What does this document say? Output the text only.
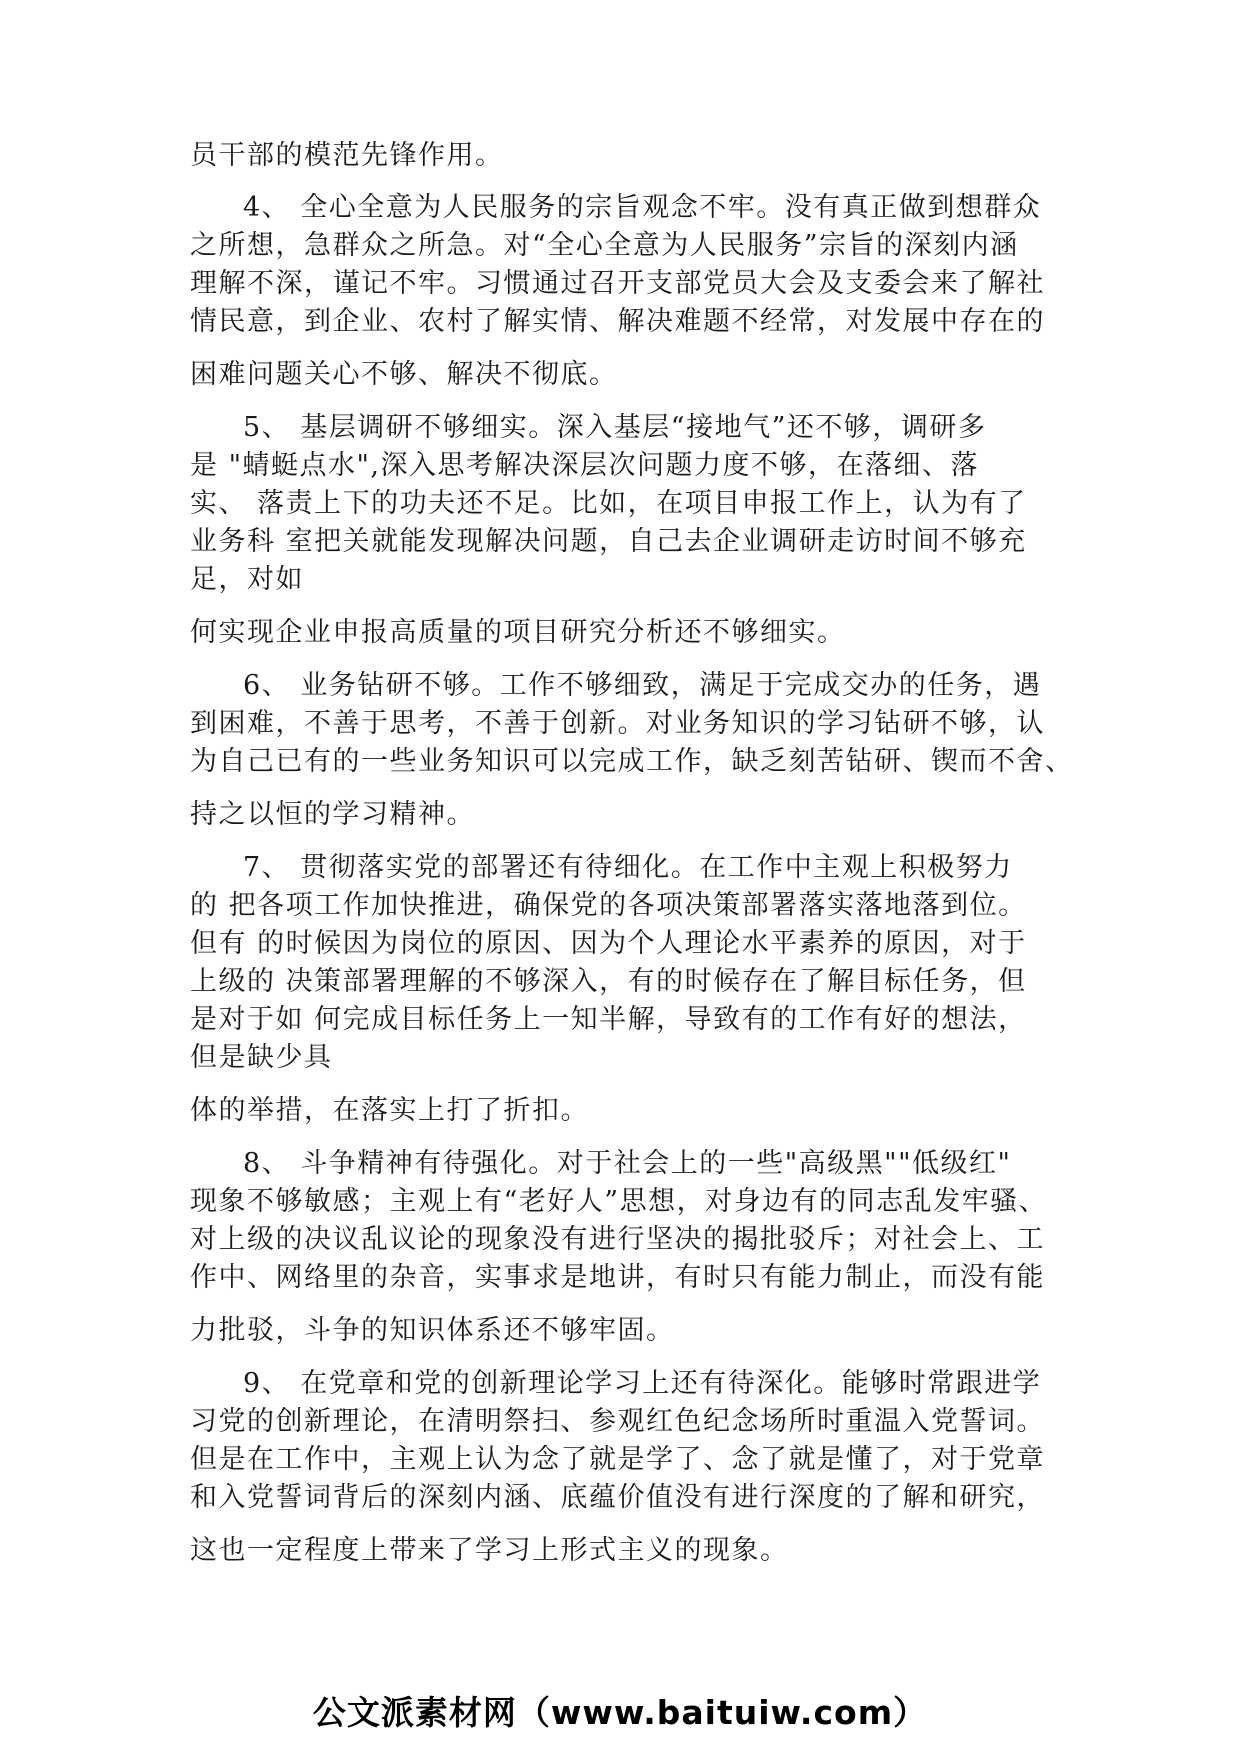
员干部的模范先锋作用。
4、 全心全意为人民服务的宗旨观念不牢。没有真正做到想群众
之所想，急群众之所急。对“全心全意为人民服务”宗旨的深刻内涵
理解不深，谨记不牢。习惯通过召开支部党员大会及支委会来了解社
情民意，到企业、农村了解实情、解决难题不经常，对发展中存在的
困难问题关心不够、解决不彻底。
5、 基层调研不够细实。深入基层“接地气”还不够，调研多
是 "蜻蜓点水",深入思考解决深层次问题力度不够，在落细、落
实、 落责上下的功夫还不足。比如，在项目申报工作上，认为有了
业务科 室把关就能发现解决问题，自己去企业调研走访时间不够充
足，对如
何实现企业申报高质量的项目研究分析还不够细实。
6、 业务钻研不够。工作不够细致，满足于完成交办的任务，遇
到困难，不善于思考，不善于创新。对业务知识的学习钻研不够，认
为自己已有的一些业务知识可以完成工作，缺乏刻苦钻研、锲而不舍、
持之以恒的学习精神。
7、 贯彻落实党的部署还有待细化。在工作中主观上积极努力
的 把各项工作加快推进，确保党的各项决策部署落实落地落到位。
但有 的时候因为岗位的原因、因为个人理论水平素养的原因，对于
上级的 决策部署理解的不够深入，有的时候存在了解目标任务，但
是对于如 何完成目标任务上一知半解，导致有的工作有好的想法，
但是缺少具
体的举措，在落实上打了折扣。
8、 斗争精神有待强化。对于社会上的一些"高级黑""低级红"
现象不够敏感；主观上有“老好人”思想，对身边有的同志乱发牢骚、
对上级的决议乱议论的现象没有进行坚决的揭批驳斥；对社会上、工
作中、网络里的杂音，实事求是地讲，有时只有能力制止，而没有能
力批驳，斗争的知识体系还不够牢固。
9、 在党章和党的创新理论学习上还有待深化。能够时常跟进学
习党的创新理论，在清明祭扫、参观红色纪念场所时重温入党誓词。
但是在工作中，主观上认为念了就是学了、念了就是懂了，对于党章
和入党誓词背后的深刻内涵、底蕴价值没有进行深度的了解和研究，
这也一定程度上带来了学习上形式主义的现象。
公文派素材网（www.baituiw.com）
